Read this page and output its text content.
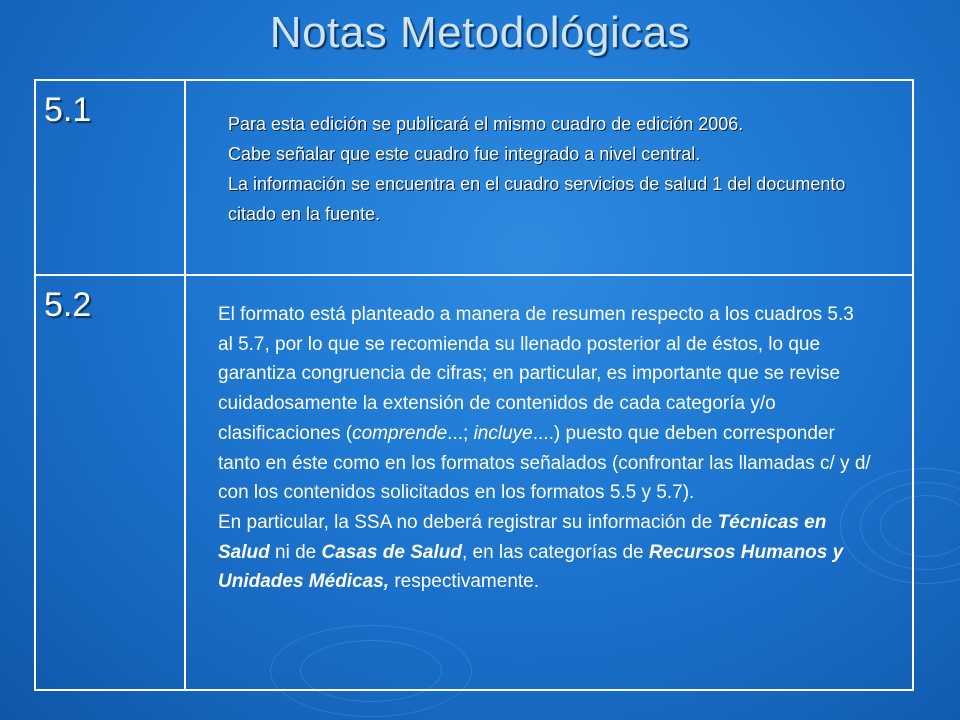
Notas Metodológicas
5.1	Para esta edición se publicará el mismo cuadro de edición 2006.
Cabe señalar que este cuadro fue integrado a nivel central.
La información se encuentra en el cuadro servicios de salud 1 del documento citado en la fuente.

5.2	El formato está planteado a manera de resumen respecto a los cuadros 5.3 al 5.7, por lo que se recomienda su llenado posterior al de éstos, lo que garantiza congruencia de cifras; en particular, es importante que se revise cuidadosamente la extensión de contenidos de cada categoría y/o clasificaciones (comprende...; incluye....) puesto que deben corresponder tanto en éste como en los formatos señalados (confrontar las llamadas c/ y d/ con los contenidos solicitados en los formatos 5.5 y 5.7).
En particular, la SSA no deberá registrar su información de Técnicas en Salud ni de Casas de Salud, en las categorías de Recursos Humanos y Unidades Médicas, respectivamente.
